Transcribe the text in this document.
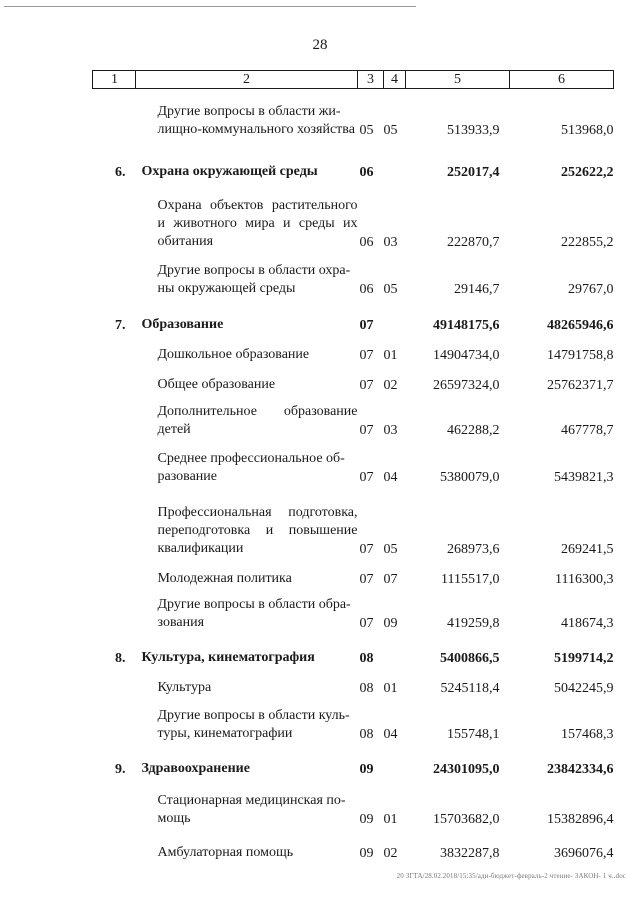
28
1	2	3	4	5	6
	Другие вопросы в области жи-лищно-коммунального хозяйства	05	05	513933,9	513968,0
6.	Охрана окружающей среды	06		252017,4	252622,2
	Охрана объектов растительного и животного мира и среды их обитания	06	03	222870,7	222855,2
	Другие вопросы в области охра-ны окружающей среды	06	05	29146,7	29767,0
7.	Образование	07		49148175,6	48265946,6
	Дошкольное образование	07	01	14904734,0	14791758,8
	Общее образование	07	02	26597324,0	25762371,7
	Дополнительное образование детей	07	03	462288,2	467778,7
	Среднее профессиональное об-разование	07	04	5380079,0	5439821,3
	Профессиональная подготовка, переподготовка и повышение квалификации	07	05	268973,6	269241,5
	Молодежная политика	07	07	1115517,0	1116300,3
	Другие вопросы в области обра-зования	07	09	419259,8	418674,3
8.	Культура, кинематография	08		5400866,5	5199714,2
	Культура	08	01	5245118,4	5042245,9
	Другие вопросы в области куль-туры, кинематографии	08	04	155748,1	157468,3
9.	Здравоохранение	09		24301095,0	23842334,6
	Стационарная медицинская по-мощь	09	01	15703682,0	15382896,4
	Амбулаторная помощь	09	02	3832287,8	3696076,4
20 ЗГТА/28.02.2018/15:35/ади-бюджет-февраль-2 чтение- ЗАКОН- 1 ч..doc
